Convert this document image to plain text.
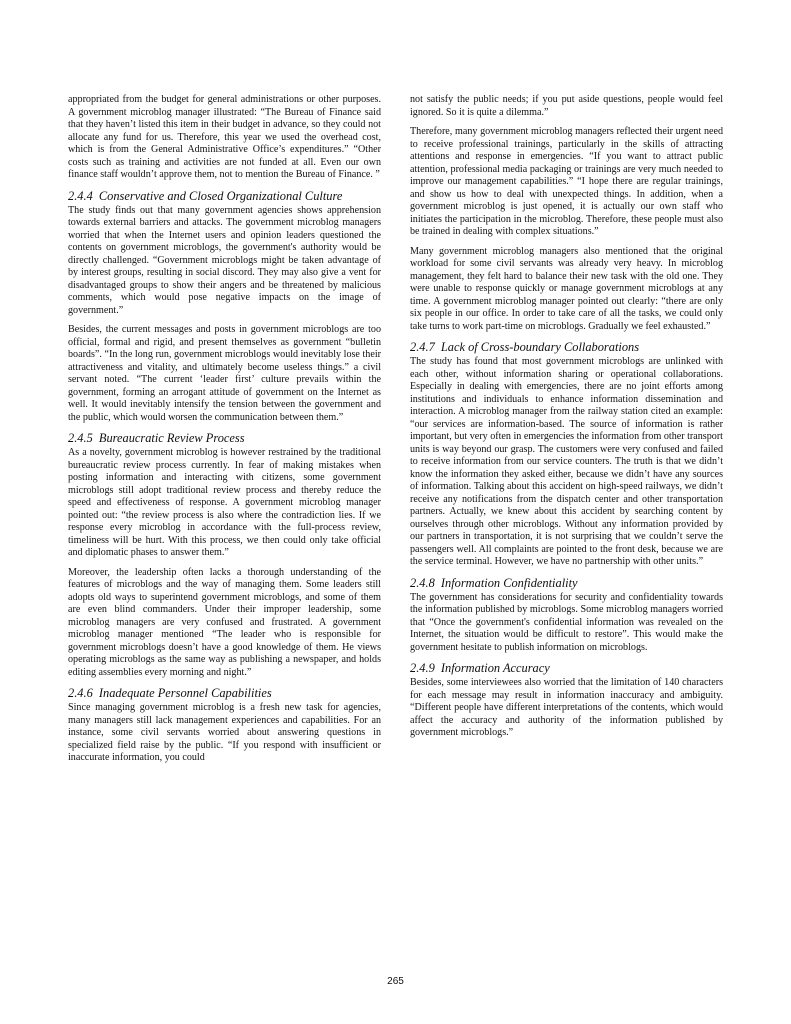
appropriated from the budget for general administrations or other purposes. A government microblog manager illustrated: “The Bureau of Finance said that they haven’t listed this item in their budget in advance, so they could not allocate any fund for us. Therefore, this year we used the overhead cost, which is from the General Administrative Office’s expenditures.” “Other costs such as training and activities are not funded at all. Even our own finance staff wouldn’t approve them, not to mention the Bureau of Finance. ”

2.4.4 Conservative and Closed Organizational Culture

The study finds out that many government agencies shows apprehension towards external barriers and attacks. The government microblog managers worried that when the Internet users and opinion leaders questioned the contents on government microblogs, the government's authority would be directly challenged. “Government microblogs might be taken advantage of by interest groups, resulting in social discord. They may also give a vent for disadvantaged groups to show their angers and be threatened by malicious comments, which would pose negative impacts on the image of government.”

Besides, the current messages and posts in government microblogs are too official, formal and rigid, and present themselves as government “bulletin boards”. “In the long run, government microblogs would inevitably lose their attractiveness and vitality, and ultimately become useless things.” a civil servant noted. “The current ‘leader first’ culture prevails within the government, forming an arrogant attitude of government on the Internet as well. It would inevitably intensify the tension between the government and the public, which would worsen the communication between them.”

2.4.5 Bureaucratic Review Process

As a novelty, government microblog is however restrained by the traditional bureaucratic review process currently. In fear of making mistakes when posting information and interacting with citizens, some government microblogs still adopt traditional review process and thereby reduce the speed and effectiveness of response. A government microblog manager pointed out: “the review process is also where the contradiction lies. If we response every microblog in accordance with the full-process review, timeliness will be hurt. With this process, we then could only take official and diplomatic phases to answer them.”

Moreover, the leadership often lacks a thorough understanding of the features of microblogs and the way of managing them. Some leaders still adopts old ways to superintend government microblogs, and some of them are even blind commanders. Under their improper leadership, some microblog managers are very confused and frustrated. A government microblog manager mentioned “The leader who is responsible for government microblogs doesn’t have a good knowledge of them. He views operating microblogs as the same way as publishing a newspaper, and holds editing assemblies every morning and night.”

2.4.6 Inadequate Personnel Capabilities

Since managing government microblog is a fresh new task for agencies, many managers still lack management experiences and capabilities. For an instance, some civil servants worried about answering questions in specialized field raise by the public. “If you respond with insufficient or inaccurate information, you could

not satisfy the public needs; if you put aside questions, people would feel ignored. So it is quite a dilemma.”

Therefore, many government microblog managers reflected their urgent need to receive professional trainings, particularly in the skills of attracting attentions and response in emergencies. “If you want to attract public attention, professional media packaging or trainings are very much needed to improve our management capabilities.” “I hope there are regular trainings, and show us how to deal with unexpected things. In addition, when a government microblog is just opened, it is actually our own staff who initiates the participation in the microblog. Therefore, these people must also be trained in dealing with complex situations.”

Many government microblog managers also mentioned that the original workload for some civil servants was already very heavy. In microblog management, they felt hard to balance their new task with the old one. They were unable to response quickly or manage government microblogs at any time. A government microblog manager pointed out clearly: “there are only six people in our office. In order to take care of all the tasks, we could only take turns to work part-time on microblogs. Gradually we feel exhausted.”

2.4.7 Lack of Cross-boundary Collaborations

The study has found that most government microblogs are unlinked with each other, without information sharing or operational collaborations. Especially in dealing with emergencies, there are no joint efforts among institutions and individuals to enhance information dissemination and interaction. A microblog manager from the railway station cited an example: “our services are information-based. The source of information is rather important, but very often in emergencies the information from other transport units is way beyond our grasp. The customers were very confused and failed to receive information from our service counters. The truth is that we didn’t know the information they asked either, because we didn’t have any sources of information. Talking about this accident on high-speed railways, we didn’t receive any notifications from the dispatch center and other transportation partners. Actually, we knew about this accident by searching content by ourselves through other microblogs. Without any information provided by our partners in transportation, it is not surprising that we couldn’t serve the passengers well. All complaints are pointed to the front desk, because we are the service terminal. However, we have no partnership with other units.”

2.4.8 Information Confidentiality

The government has considerations for security and confidentiality towards the information published by microblogs. Some microblog managers worried that “Once the government's confidential information was revealed on the Internet, the situation would be difficult to restore”. This would make the government hesitate to publish information on microblogs.

2.4.9 Information Accuracy

Besides, some interviewees also worried that the limitation of 140 characters for each message may result in information inaccuracy and ambiguity. “Different people have different interpretations of the contents, which would affect the accuracy and authority of the information published by government microblogs.”

265
